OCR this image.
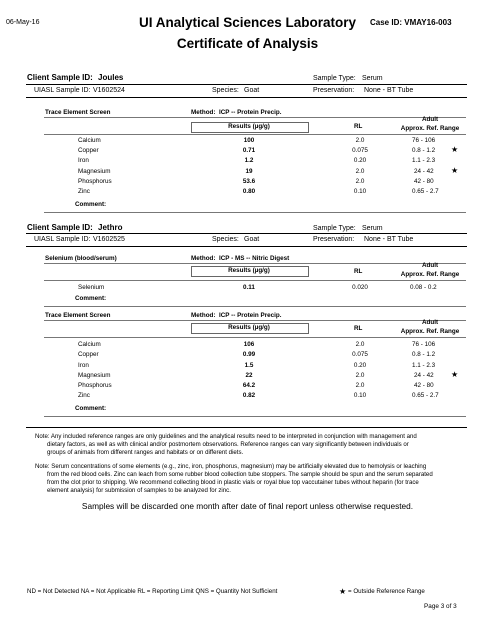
06-May-16	UI Analytical Sciences Laboratory
Certificate of Analysis
Case ID: VMAY16-003
Client Sample ID: Joules	Sample Type: Serum
UIASL Sample ID: V1602524	Species: Goat	Preservation: None - BT Tube
Trace Element Screen	Method: ICP -- Protein Precip.
Results (µg/g)	RL
Adult
Approx. Ref. Range
Calcium	100	2.0	76 - 106
Copper	0.71	0.075	0.8 - 1.2 ★
Iron	1.2	0.20	1.1 - 2.3
Magnesium	19	2.0	24 - 42 ★
Phosphorus	53.6	2.0	42 - 80
Zinc	0.80	0.10	0.65 - 2.7
Comment:
Client Sample ID: Jethro	Sample Type: Serum
UIASL Sample ID: V1602525	Species: Goat	Preservation: None - BT Tube
Selenium (blood/serum)	Method: ICP - MS -- Nitric Digest
Results (µg/g)	RL
Adult
Approx. Ref. Range
Selenium	0.11	0.020	0.08 - 0.2
Comment:
Trace Element Screen	Method: ICP -- Protein Precip.
Results (µg/g)	RL
Adult
Approx. Ref. Range
Calcium	106	2.0	76 - 106
Copper	0.99	0.075	0.8 - 1.2
Iron	1.5	0.20	1.1 - 2.3
Magnesium	22	2.0	24 - 42 ★
Phosphorus	64.2	2.0	42 - 80
Zinc	0.82	0.10	0.65 - 2.7
Comment:
Note: Any included reference ranges are only guidelines and the analytical results need to be interpreted in conjunction with management and
dietary factors, as well as with clinical and/or postmortem observations. Reference ranges can vary significantly between individuals or
groups of animals from different ranges and habitats or on different diets.
Note: Serum concentrations of some elements (e.g., zinc, iron, phosphorus, magnesium) may be artificially elevated due to hemolysis or leaching
from the red blood cells. Zinc can leach from some rubber blood collection tube stoppers. The sample should be spun and the serum separated
from the clot prior to shipping. We recommend collecting blood in plastic vials or royal blue top vaccutainer tubes without heparin (for trace
element analysis) for submission of samples to be analyzed for zinc.
Samples will be discarded one month after date of final report unless otherwise requested.
ND = Not Detected NA = Not Applicable RL = Reporting Limit QNS = Quantity Not Sufficient	★ = Outside Reference Range
Page 3 of 3
